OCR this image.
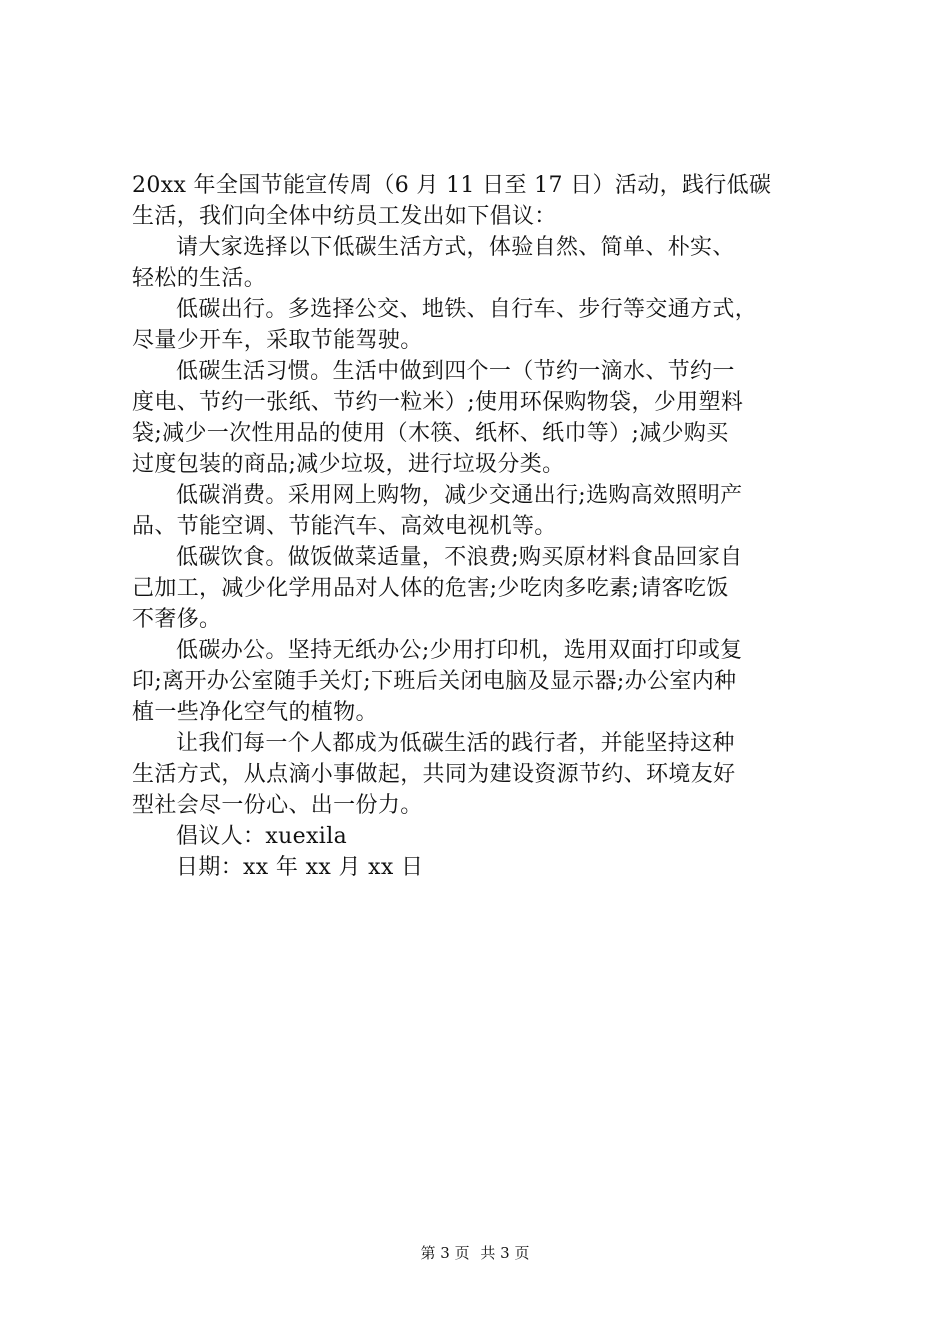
20xx 年全国节能宣传周（6 月 11 日至 17 日）活动，践行低碳
生活，我们向全体中纺员工发出如下倡议：
请大家选择以下低碳生活方式，体验自然、简单、朴实、
轻松的生活。
低碳出行。多选择公交、地铁、自行车、步行等交通方式，
尽量少开车，采取节能驾驶。
低碳生活习惯。生活中做到四个一（节约一滴水、节约一
度电、节约一张纸、节约一粒米）;使用环保购物袋，少用塑料
袋;减少一次性用品的使用（木筷、纸杯、纸巾等）;减少购买
过度包装的商品;减少垃圾，进行垃圾分类。
低碳消费。采用网上购物，减少交通出行;选购高效照明产
品、节能空调、节能汽车、高效电视机等。
低碳饮食。做饭做菜适量，不浪费;购买原材料食品回家自
己加工，减少化学用品对人体的危害;少吃肉多吃素;请客吃饭
不奢侈。
低碳办公。坚持无纸办公;少用打印机，选用双面打印或复
印;离开办公室随手关灯;下班后关闭电脑及显示器;办公室内种
植一些净化空气的植物。
让我们每一个人都成为低碳生活的践行者，并能坚持这种
生活方式，从点滴小事做起，共同为建设资源节约、环境友好
型社会尽一份心、出一份力。
倡议人：xuexila
日期：xx 年 xx 月 xx 日
第 3 页 共 3 页
